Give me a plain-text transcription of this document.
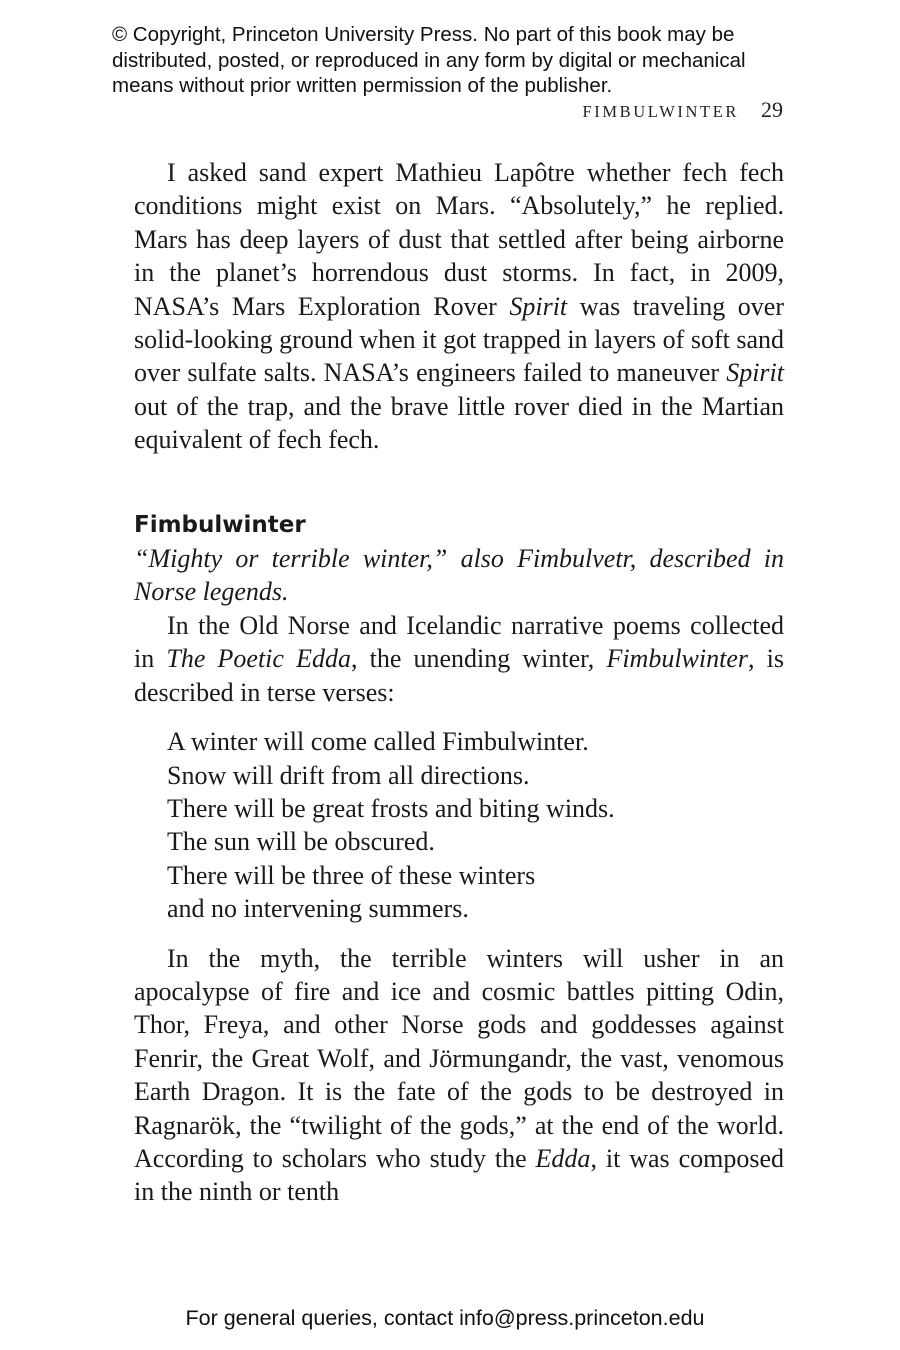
© Copyright, Princeton University Press. No part of this book may be distributed, posted, or reproduced in any form by digital or mechanical means without prior written permission of the publisher.
FIMBULWINTER 29

I asked sand expert Mathieu Lapôtre whether fech fech conditions might exist on Mars. “Absolutely,” he replied. Mars has deep layers of dust that settled after being airborne in the planet’s horrendous dust storms. In fact, in 2009, NASA’s Mars Exploration Rover Spirit was traveling over solid-looking ground when it got trapped in layers of soft sand over sulfate salts. NASA’s engineers failed to maneuver Spirit out of the trap, and the brave little rover died in the Martian equivalent of fech fech.

Fimbulwinter

“Mighty or terrible winter,” also Fimbulvetr, described in Norse legends.

In the Old Norse and Icelandic narrative poems collected in The Poetic Edda, the unending winter, Fimbulwinter, is described in terse verses:

A winter will come called Fimbulwinter.
Snow will drift from all directions.
There will be great frosts and biting winds.
The sun will be obscured.
There will be three of these winters
and no intervening summers.

In the myth, the terrible winters will usher in an apocalypse of fire and ice and cosmic battles pitting Odin, Thor, Freya, and other Norse gods and goddesses against Fenrir, the Great Wolf, and Jörmungandr, the vast, venomous Earth Dragon. It is the fate of the gods to be destroyed in Ragnarök, the “twilight of the gods,” at the end of the world. According to scholars who study the Edda, it was composed in the ninth or tenth

For general queries, contact info@press.princeton.edu
